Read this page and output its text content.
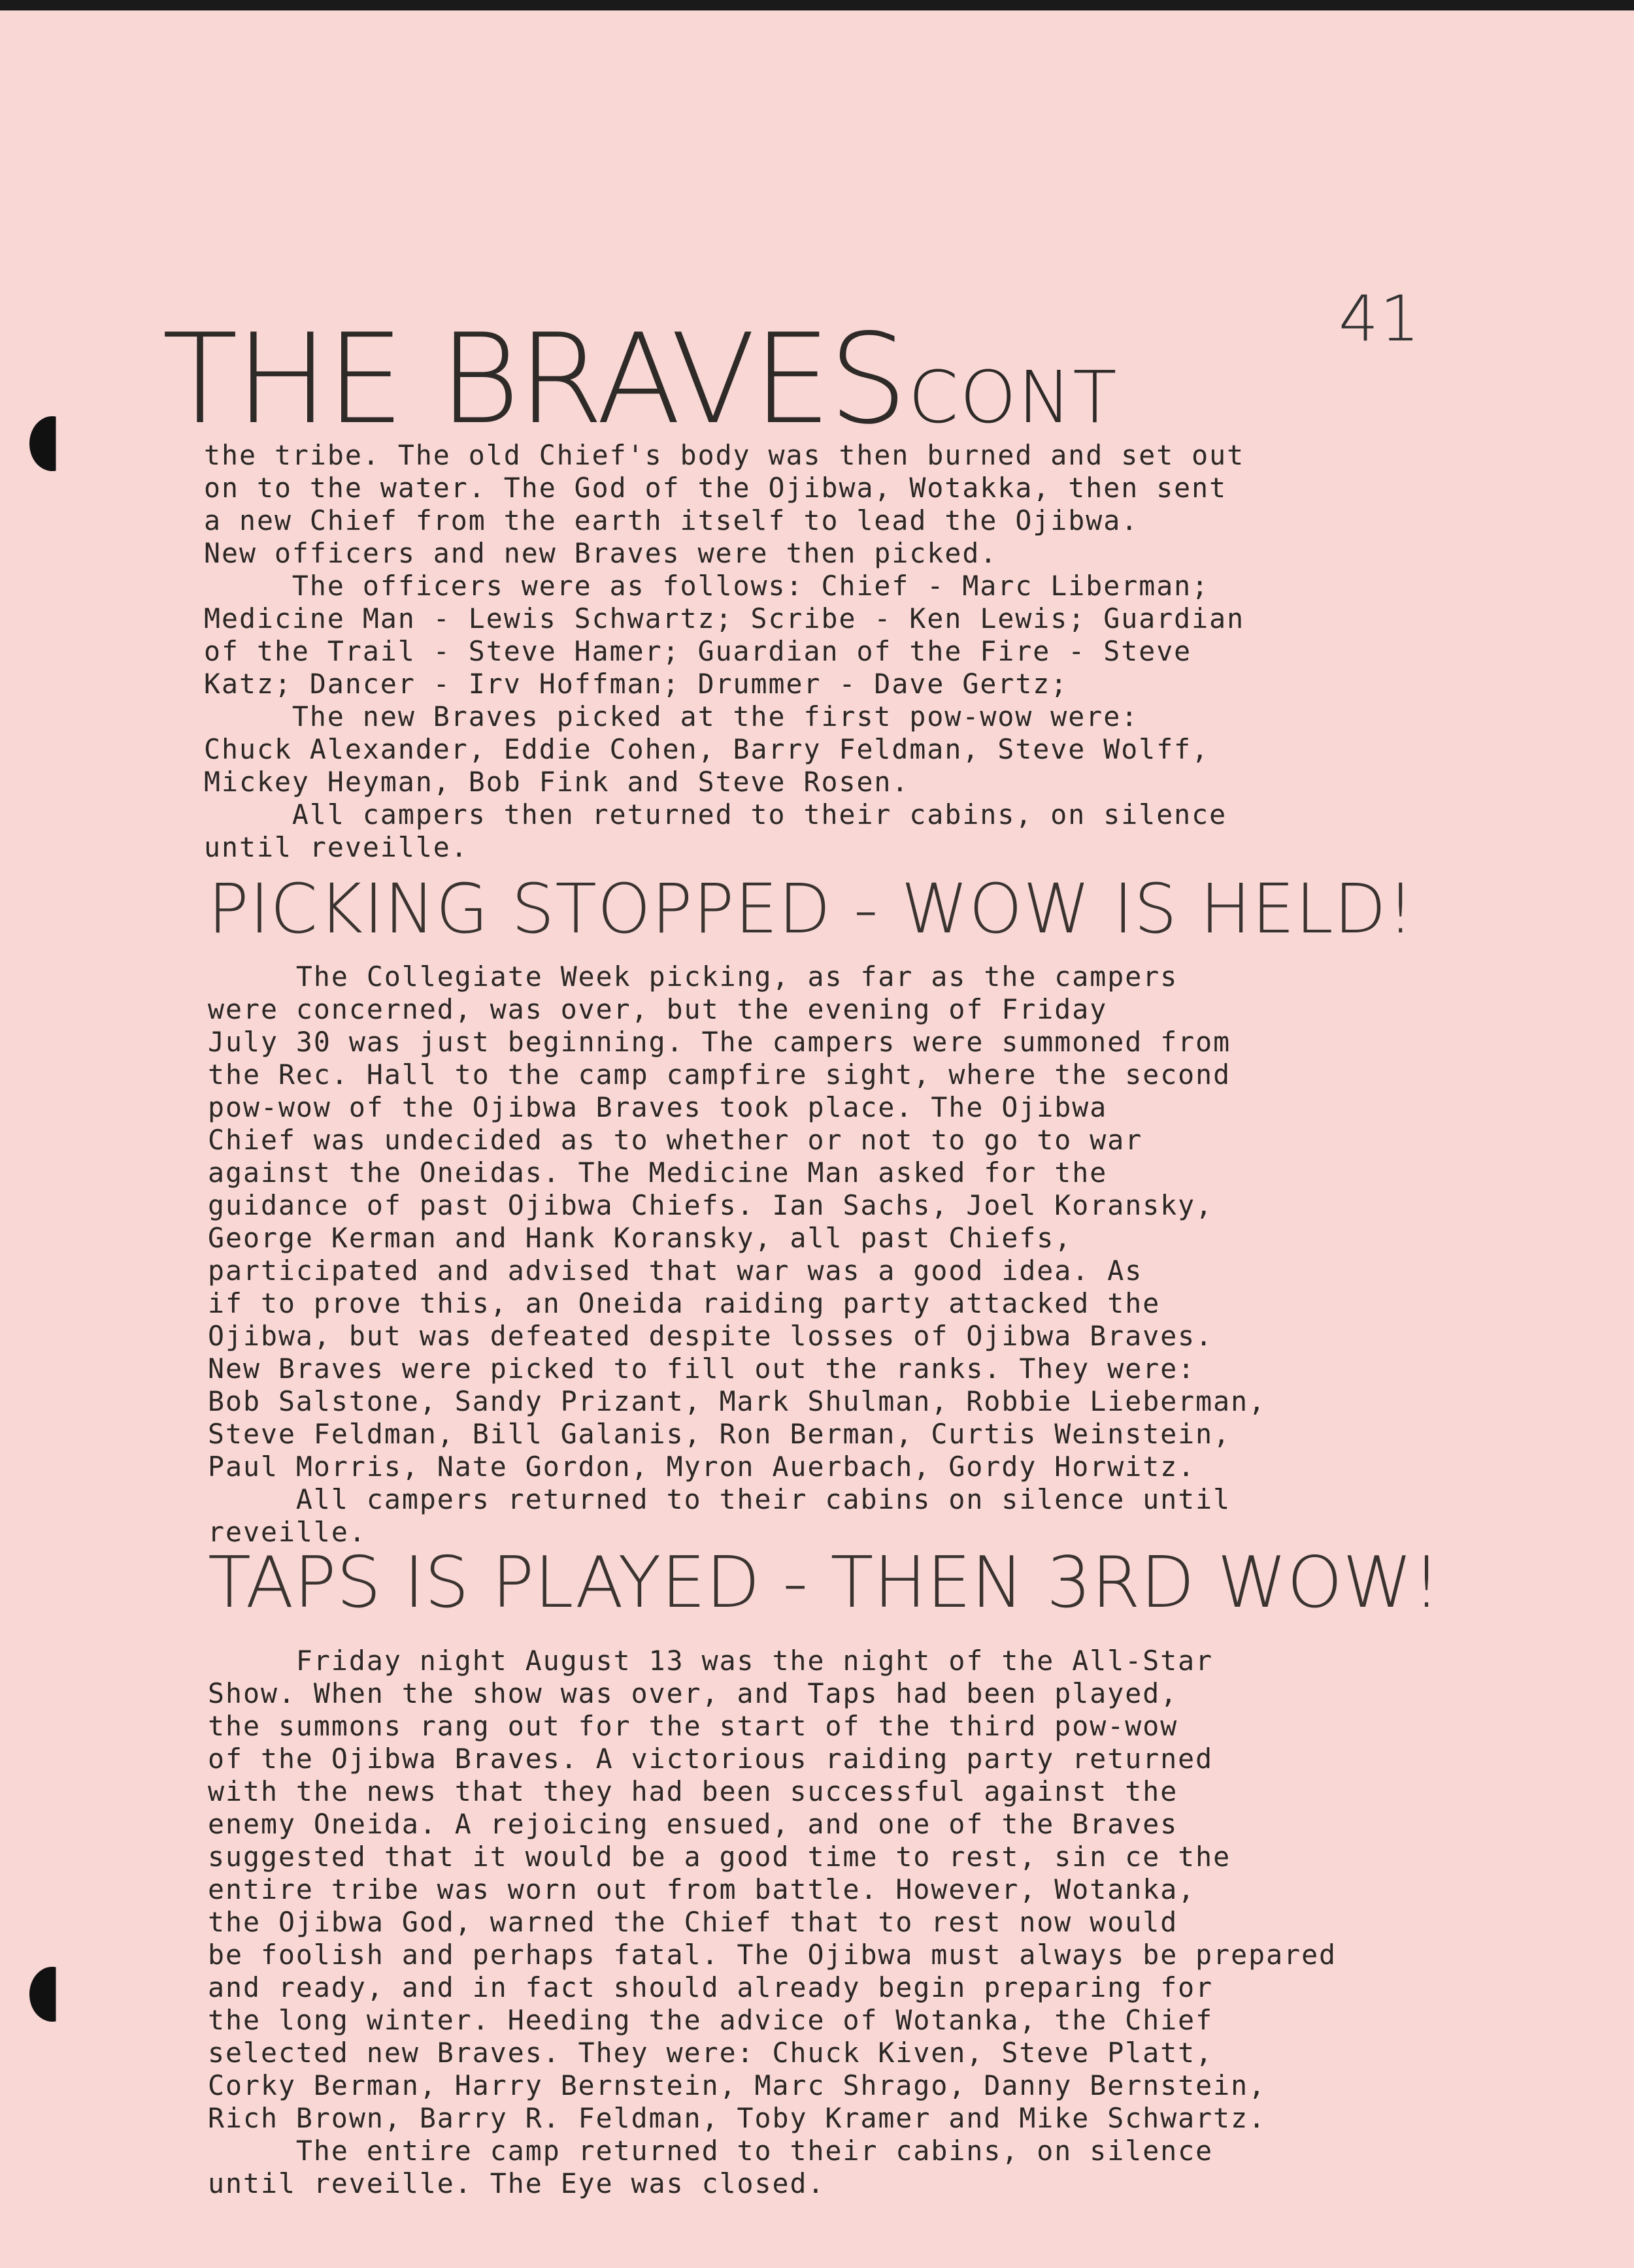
41
THE BRAVES CONT
the tribe. The old Chief's body was then burned and set out
on to the water. The God of the Ojibwa, Wotakka, then sent
a new Chief from the earth itself to lead the Ojibwa.
New officers and new Braves were then picked.
The officers were as follows: Chief - Marc Liberman;
Medicine Man - Lewis Schwartz; Scribe - Ken Lewis; Guardian
of the Trail - Steve Hamer; Guardian of the Fire - Steve
Katz; Dancer - Irv Hoffman; Drummer - Dave Gertz;
The new Braves picked at the first pow-wow were:
Chuck Alexander, Eddie Cohen, Barry Feldman, Steve Wolff,
Mickey Heyman, Bob Fink and Steve Rosen.
All campers then returned to their cabins, on silence
until reveille.
PICKING STOPPED - WOW IS HELD!
The Collegiate Week picking, as far as the campers
were concerned, was over, but the evening of Friday
July 30 was just beginning. The campers were summoned from
the Rec. Hall to the camp campfire sight, where the second
pow-wow of the Ojibwa Braves took place. The Ojibwa
Chief was undecided as to whether or not to go to war
against the Oneidas. The Medicine Man asked for the
guidance of past Ojibwa Chiefs. Ian Sachs, Joel Koransky,
George Kerman and Hank Koransky, all past Chiefs,
participated and advised that war was a good idea. As
if to prove this, an Oneida raiding party attacked the
Ojibwa, but was defeated despite losses of Ojibwa Braves.
New Braves were picked to fill out the ranks. They were:
Bob Salstone, Sandy Prizant, Mark Shulman, Robbie Lieberman,
Steve Feldman, Bill Galanis, Ron Berman, Curtis Weinstein,
Paul Morris, Nate Gordon, Myron Auerbach, Gordy Horwitz.
All campers returned to their cabins on silence until
reveille.
TAPS IS PLAYED - THEN 3RD WOW!
Friday night August 13 was the night of the All-Star
Show. When the show was over, and Taps had been played,
the summons rang out for the start of the third pow-wow
of the Ojibwa Braves. A victorious raiding party returned
with the news that they had been successful against the
enemy Oneida. A rejoicing ensued, and one of the Braves
suggested that it would be a good time to rest, sin ce the
entire tribe was worn out from battle. However, Wotanka,
the Ojibwa God, warned the Chief that to rest now would
be foolish and perhaps fatal. The Ojibwa must always be prepared
and ready, and in fact should already begin preparing for
the long winter. Heeding the advice of Wotanka, the Chief
selected new Braves. They were: Chuck Kiven, Steve Platt,
Corky Berman, Harry Bernstein, Marc Shrago, Danny Bernstein,
Rich Brown, Barry R. Feldman, Toby Kramer and Mike Schwartz.
The entire camp returned to their cabins, on silence
until reveille. The Eye was closed.
